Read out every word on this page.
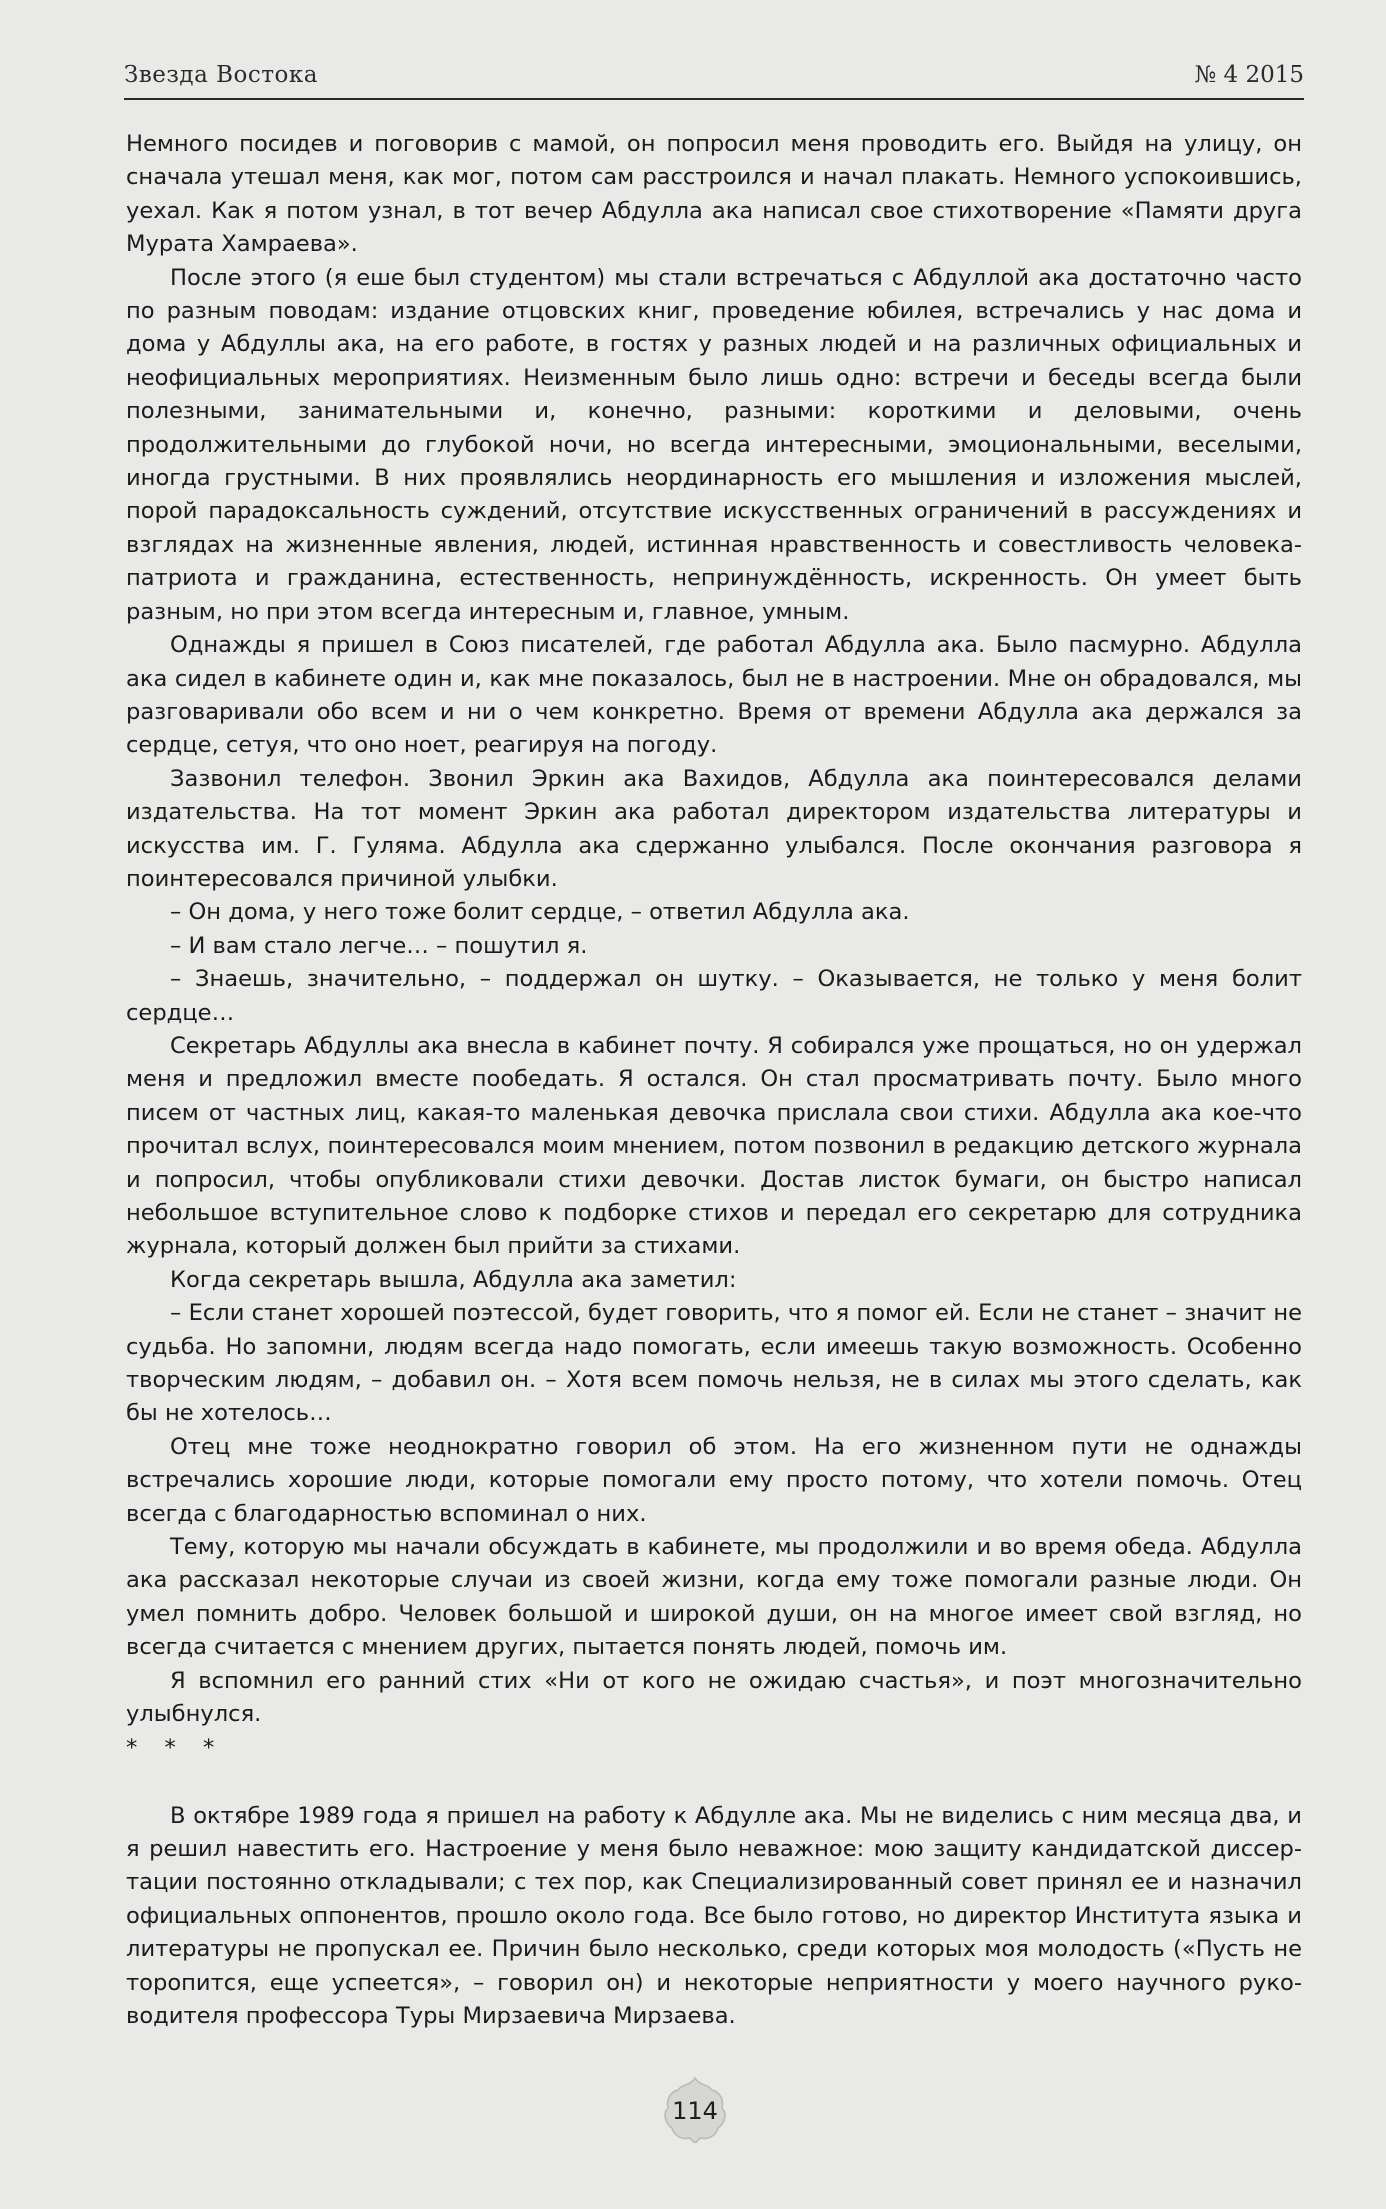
Звезда Востока	№ 4 2015

Немного посидев и поговорив с мамой, он попросил меня проводить его. Выйдя на улицу, он сначала утешал меня, как мог, потом сам расстроился и начал плакать. Немного успокоившись, уехал. Как я потом узнал, в тот вечер Абдулла ака написал свое стихотворение «Памяти друга Мурата Хамраева».

После этого (я еше был студентом) мы стали встречаться с Абдуллой ака достаточно часто по разным поводам: издание отцовских книг, проведение юбилея, встречались у нас дома и дома у Абдуллы ака, на его работе, в гостях у разных людей и на различных официальных и неофициальных мероприятиях. Неизменным было лишь одно: встречи и беседы всегда были полезными, занимательными и, конечно, разными: короткими и деловыми, очень продолжительными до глубокой ночи, но всегда интересными, эмоциональными, веселыми, иногда грустными. В них проявлялись неординарность его мышления и изложения мыслей, порой парадоксальность суждений, отсутствие искусственных ограничений в рассуждениях и взглядах на жизненные явления, людей, истинная нравственность и совестливость человека-патриота и гражданина, естественность, непринуждённость, искренность. Он умеет быть разным, но при этом всегда интересным и, главное, умным.

Однажды я пришел в Союз писателей, где работал Абдулла ака. Было пасмурно. Абдулла ака сидел в кабинете один и, как мне показалось, был не в настроении. Мне он обрадовался, мы разговаривали обо всем и ни о чем конкретно. Время от времени Абдулла ака держался за сердце, сетуя, что оно ноет, реагируя на погоду.

Зазвонил телефон. Звонил Эркин ака Вахидов, Абдулла ака поинтересовался делами издательства. На тот момент Эркин ака работал директором издательства литературы и искусства им. Г. Гуляма. Абдулла ака сдержанно улыбался. После окончания разговора я поинтересовался причиной улыбки.

– Он дома, у него тоже болит сердце, – ответил Абдулла ака.

– И вам стало легче… – пошутил я.

– Знаешь, значительно, – поддержал он шутку. – Оказывается, не только у меня болит сердце…

Секретарь Абдуллы ака внесла в кабинет почту. Я собирался уже прощаться, но он удержал меня и предложил вместе пообедать. Я остался. Он стал просматривать почту. Было много писем от частных лиц, какая-то маленькая девочка прислала свои стихи. Абдулла ака кое-что прочитал вслух, поинтересовался моим мнением, потом позвонил в редакцию детского журнала и попросил, чтобы опубликовали стихи девочки. Достав листок бумаги, он быстро написал небольшое вступительное слово к подборке стихов и передал его секретарю для сотрудника журнала, который должен был прийти за стихами.

Когда секретарь вышла, Абдулла ака заметил:

– Если станет хорошей поэтессой, будет говорить, что я помог ей. Если не станет – значит не судьба. Но запомни, людям всегда надо помогать, если имеешь такую возможность. Особенно творческим людям, – добавил он. – Хотя всем помочь нельзя, не в силах мы этого сделать, как бы не хотелось…

Отец мне тоже неоднократно говорил об этом. На его жизненном пути не однажды встречались хорошие люди, которые помогали ему просто потому, что хотели помочь. Отец всегда с благодарностью вспоминал о них.

Тему, которую мы начали обсуждать в кабинете, мы продолжили и во время обеда. Абдулла ака рассказал некоторые случаи из своей жизни, когда ему тоже помогали разные люди. Он умел помнить добро. Человек большой и широкой души, он на многое имеет свой взгляд, но всегда считается с мнением других, пытается понять людей, помочь им.

Я вспомнил его ранний стих «Ни от кого не ожидаю счастья», и поэт многозначительно улыбнулся.

* * *

В октябре 1989 года я пришел на работу к Абдулле ака. Мы не виделись с ним месяца два, и я решил навестить его. Настроение у меня было неважное: мою защиту кандидатской диссертации постоянно откладывали; с тех пор, как Специализированный совет принял ее и назначил официальных оппонентов, прошло около года. Все было готово, но директор Института языка и литературы не пропускал ее. Причин было несколько, среди которых моя молодость («Пусть не торопится, еще успеется», – говорил он) и некоторые неприятности у моего научного руководителя профессора Туры Мирзаевича Мирзаева.

114
